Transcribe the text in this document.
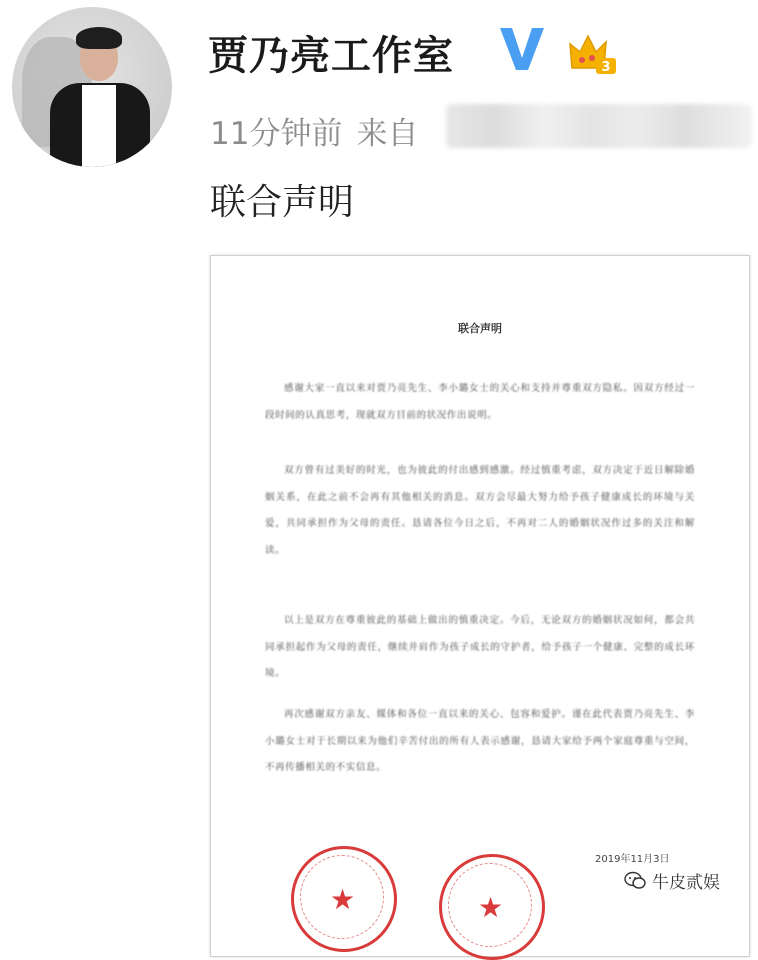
贾乃亮工作室	3
11分钟前 来自
联合声明
联合声明
感谢大家一直以来对贾乃亮先生、李小璐女士的关心和支持并尊重双方隐私。因双方经过一段时间的认真思考，现就双方目前的状况作出说明。
双方曾有过美好的时光，也为彼此的付出感到感激。经过慎重考虑，双方决定于近日解除婚姻关系，在此之前不会再有其他相关的消息。双方会尽最大努力给予孩子健康成长的环境与关爱，共同承担作为父母的责任。恳请各位今日之后，不再对二人的婚姻状况作过多的关注和解读。
以上是双方在尊重彼此的基础上做出的慎重决定。今后，无论双方的婚姻状况如何，都会共同承担起作为父母的责任，继续并肩作为孩子成长的守护者，给予孩子一个健康、完整的成长环境。
再次感谢双方亲友、媒体和各位一直以来的关心、包容和爱护。谨在此代表贾乃亮先生、李小璐女士对于长期以来为他们辛苦付出的所有人表示感谢，恳请大家给予两个家庭尊重与空间，不再传播相关的不实信息。
2019年11月3日
★	★
牛皮贰娱
